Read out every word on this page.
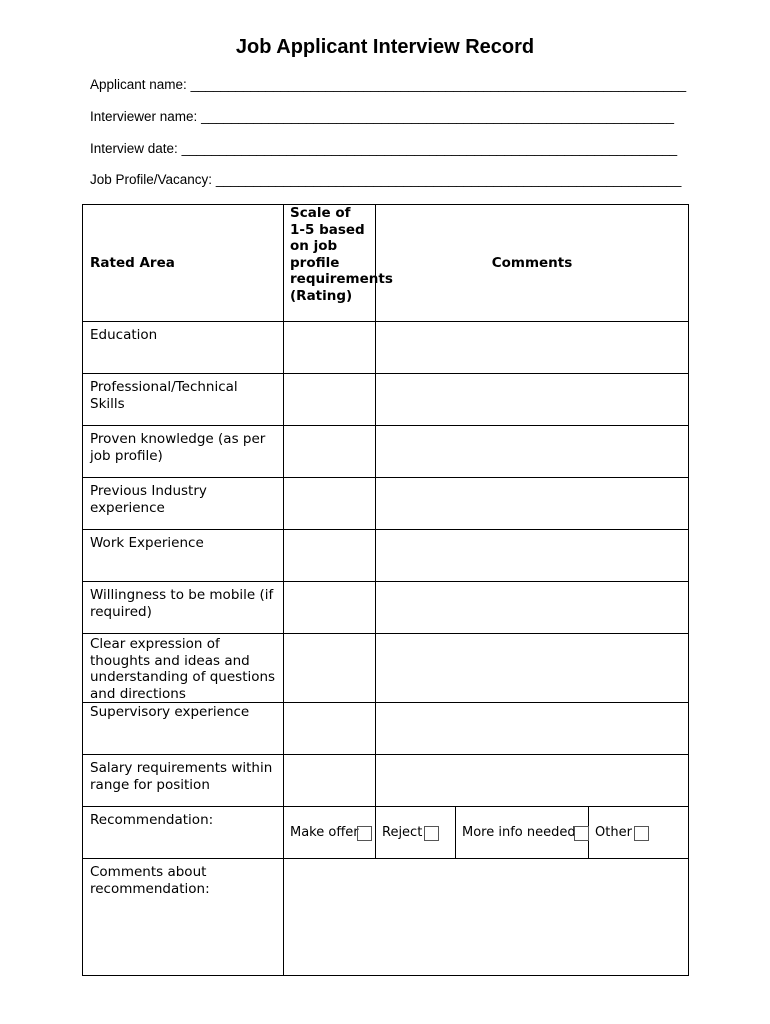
Job Applicant Interview Record
Applicant name: __________________________________________________________________
Interviewer name: _______________________________________________________________
Interview date: __________________________________________________________________
Job Profile/Vacancy: ______________________________________________________________
Rated Area	Scale of 1-5 based on job profile requirements (Rating)	Comments		
Education				
Professional/Technical Skills				
Proven knowledge (as per job profile)				
Previous Industry experience				
Work Experience				
Willingness to be mobile (if required)				
Clear expression of thoughts and ideas and understanding of questions and directions				
Supervisory experience				
Salary requirements within range for position				
Recommendation:	Make offer	Reject	More info needed	Other

Comments about recommendation:				
